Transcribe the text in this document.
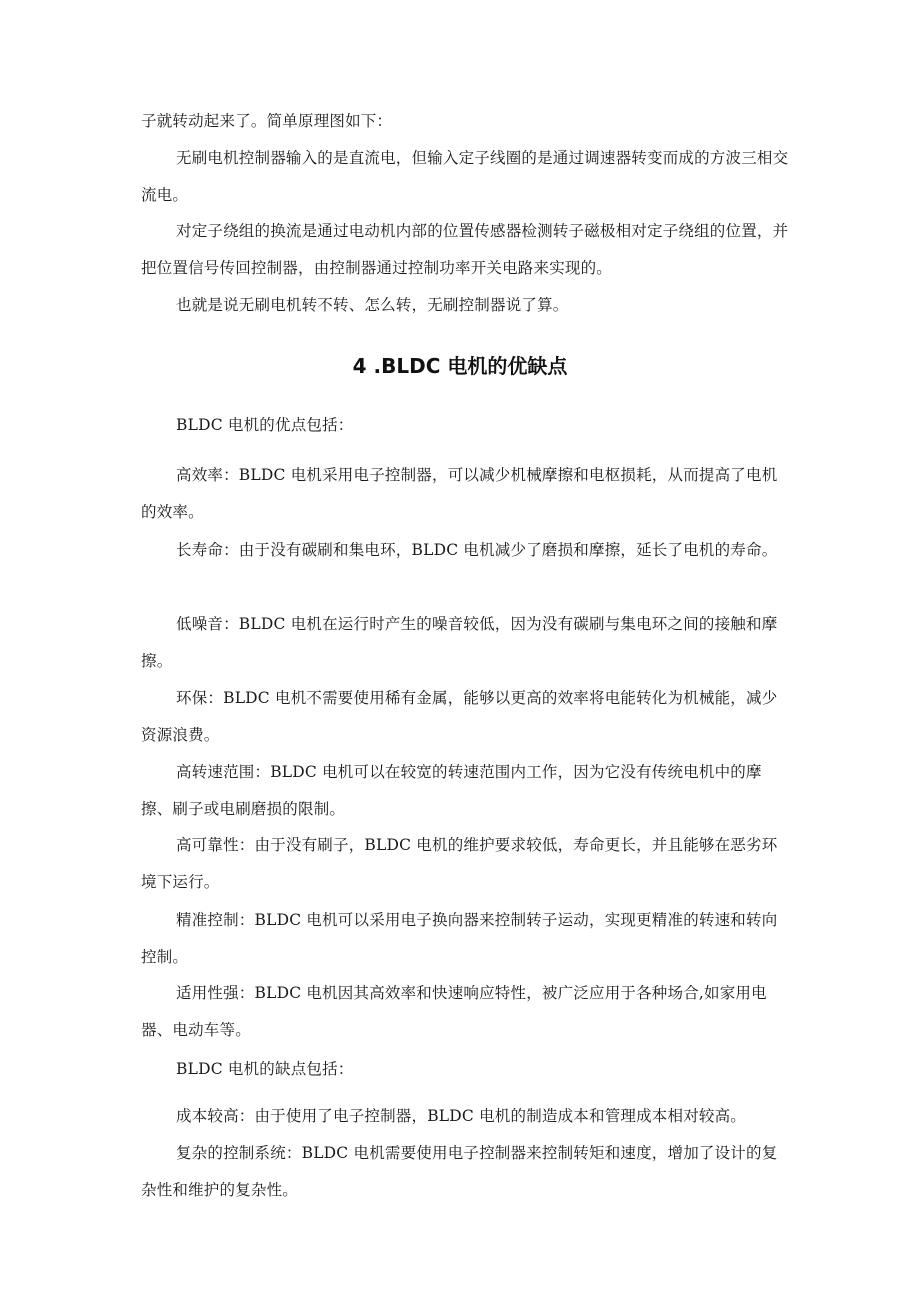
子就转动起来了。简单原理图如下：

无刷电机控制器输入的是直流电，但输入定子线圈的是通过调速器转变而成的方波三相交流电。

对定子绕组的换流是通过电动机内部的位置传感器检测转子磁极相对定子绕组的位置，并把位置信号传回控制器，由控制器通过控制功率开关电路来实现的。

也就是说无刷电机转不转、怎么转，无刷控制器说了算。

4 .BLDC 电机的优缺点

BLDC 电机的优点包括：

高效率：BLDC 电机采用电子控制器，可以减少机械摩擦和电枢损耗，从而提高了电机的效率。

长寿命：由于没有碳刷和集电环，BLDC 电机减少了磨损和摩擦，延长了电机的寿命。

低噪音：BLDC 电机在运行时产生的噪音较低，因为没有碳刷与集电环之间的接触和摩擦。

环保：BLDC 电机不需要使用稀有金属，能够以更高的效率将电能转化为机械能，减少资源浪费。

高转速范围：BLDC 电机可以在较宽的转速范围内工作，因为它没有传统电机中的摩擦、刷子或电刷磨损的限制。

高可靠性：由于没有刷子，BLDC 电机的维护要求较低，寿命更长，并且能够在恶劣环境下运行。

精准控制：BLDC 电机可以采用电子换向器来控制转子运动，实现更精准的转速和转向控制。

适用性强：BLDC 电机因其高效率和快速响应特性，被广泛应用于各种场合,如家用电器、电动车等。

BLDC 电机的缺点包括：

成本较高：由于使用了电子控制器，BLDC 电机的制造成本和管理成本相对较高。

复杂的控制系统：BLDC 电机需要使用电子控制器来控制转矩和速度，增加了设计的复杂性和维护的复杂性。
